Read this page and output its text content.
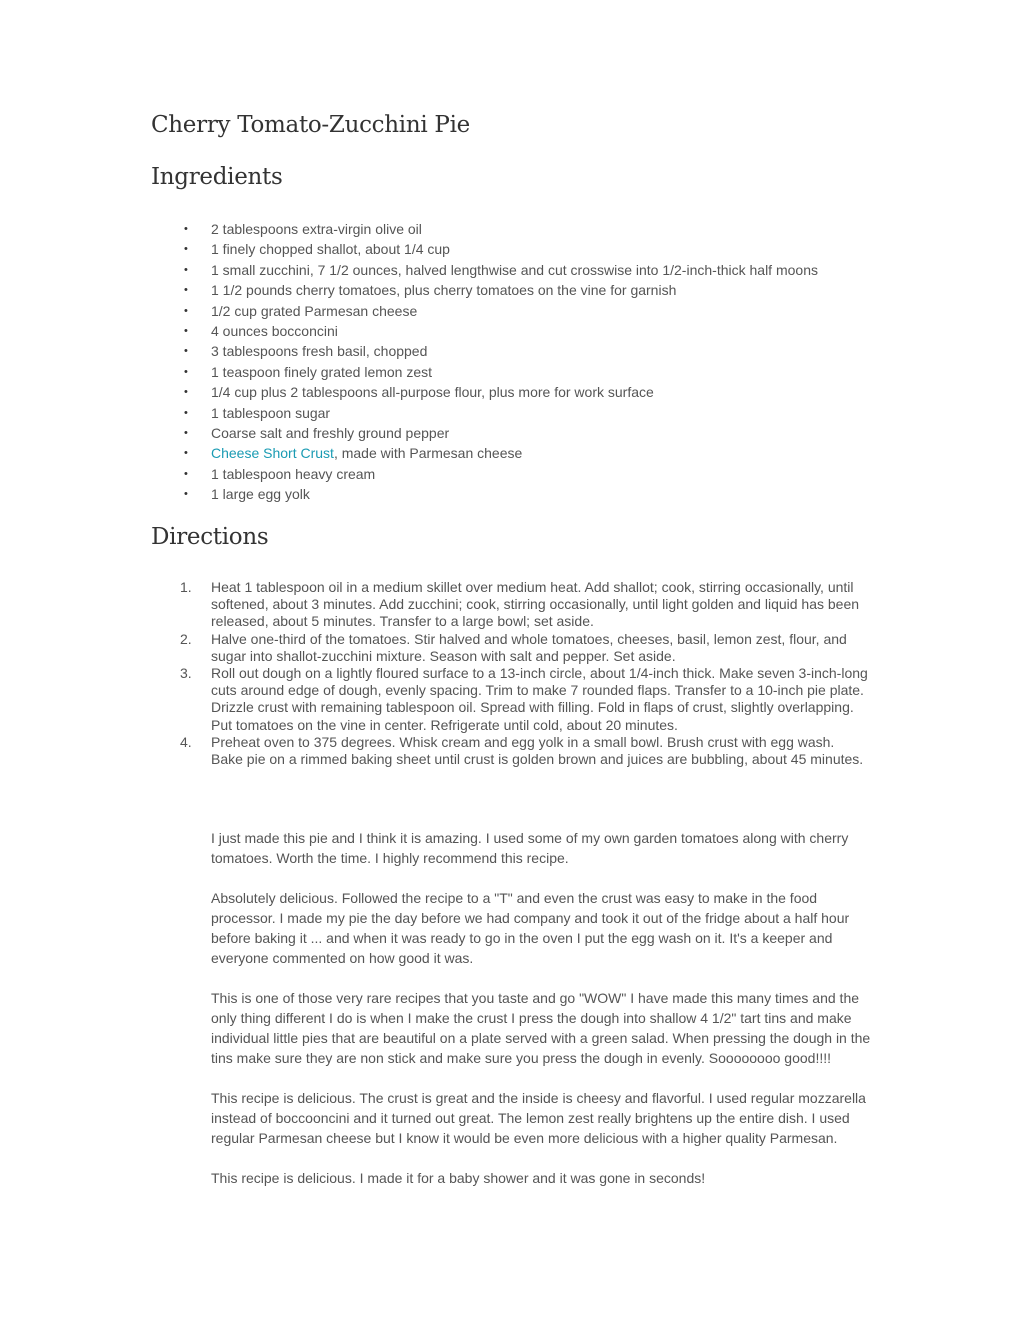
Cherry Tomato-Zucchini Pie
Ingredients
• 2 tablespoons extra-virgin olive oil
• 1 finely chopped shallot, about 1/4 cup
• 1 small zucchini, 7 1/2 ounces, halved lengthwise and cut crosswise into 1/2-inch-thick half moons
• 1 1/2 pounds cherry tomatoes, plus cherry tomatoes on the vine for garnish
• 1/2 cup grated Parmesan cheese
• 4 ounces bocconcini
• 3 tablespoons fresh basil, chopped
• 1 teaspoon finely grated lemon zest
• 1/4 cup plus 2 tablespoons all-purpose flour, plus more for work surface
• 1 tablespoon sugar
• Coarse salt and freshly ground pepper
• Cheese Short Crust, made with Parmesan cheese
• 1 tablespoon heavy cream
• 1 large egg yolk
Directions
1. Heat 1 tablespoon oil in a medium skillet over medium heat. Add shallot; cook, stirring occasionally, until softened, about 3 minutes. Add zucchini; cook, stirring occasionally, until light golden and liquid has been released, about 5 minutes. Transfer to a large bowl; set aside.
2. Halve one-third of the tomatoes. Stir halved and whole tomatoes, cheeses, basil, lemon zest, flour, and sugar into shallot-zucchini mixture. Season with salt and pepper. Set aside.
3. Roll out dough on a lightly floured surface to a 13-inch circle, about 1/4-inch thick. Make seven 3-inch-long cuts around edge of dough, evenly spacing. Trim to make 7 rounded flaps. Transfer to a 10-inch pie plate. Drizzle crust with remaining tablespoon oil. Spread with filling. Fold in flaps of crust, slightly overlapping. Put tomatoes on the vine in center. Refrigerate until cold, about 20 minutes.
4. Preheat oven to 375 degrees. Whisk cream and egg yolk in a small bowl. Brush crust with egg wash. Bake pie on a rimmed baking sheet until crust is golden brown and juices are bubbling, about 45 minutes.

I just made this pie and I think it is amazing. I used some of my own garden tomatoes along with cherry tomatoes. Worth the time. I highly recommend this recipe.

Absolutely delicious. Followed the recipe to a "T" and even the crust was easy to make in the food processor. I made my pie the day before we had company and took it out of the fridge about a half hour before baking it ... and when it was ready to go in the oven I put the egg wash on it. It's a keeper and everyone commented on how good it was.

This is one of those very rare recipes that you taste and go "WOW" I have made this many times and the only thing different I do is when I make the crust I press the dough into shallow 4 1/2" tart tins and make individual little pies that are beautiful on a plate served with a green salad. When pressing the dough in the tins make sure they are non stick and make sure you press the dough in evenly. Soooooooo good!!!!

This recipe is delicious. The crust is great and the inside is cheesy and flavorful. I used regular mozzarella instead of boccooncini and it turned out great. The lemon zest really brightens up the entire dish. I used regular Parmesan cheese but I know it would be even more delicious with a higher quality Parmesan.

This recipe is delicious. I made it for a baby shower and it was gone in seconds!
